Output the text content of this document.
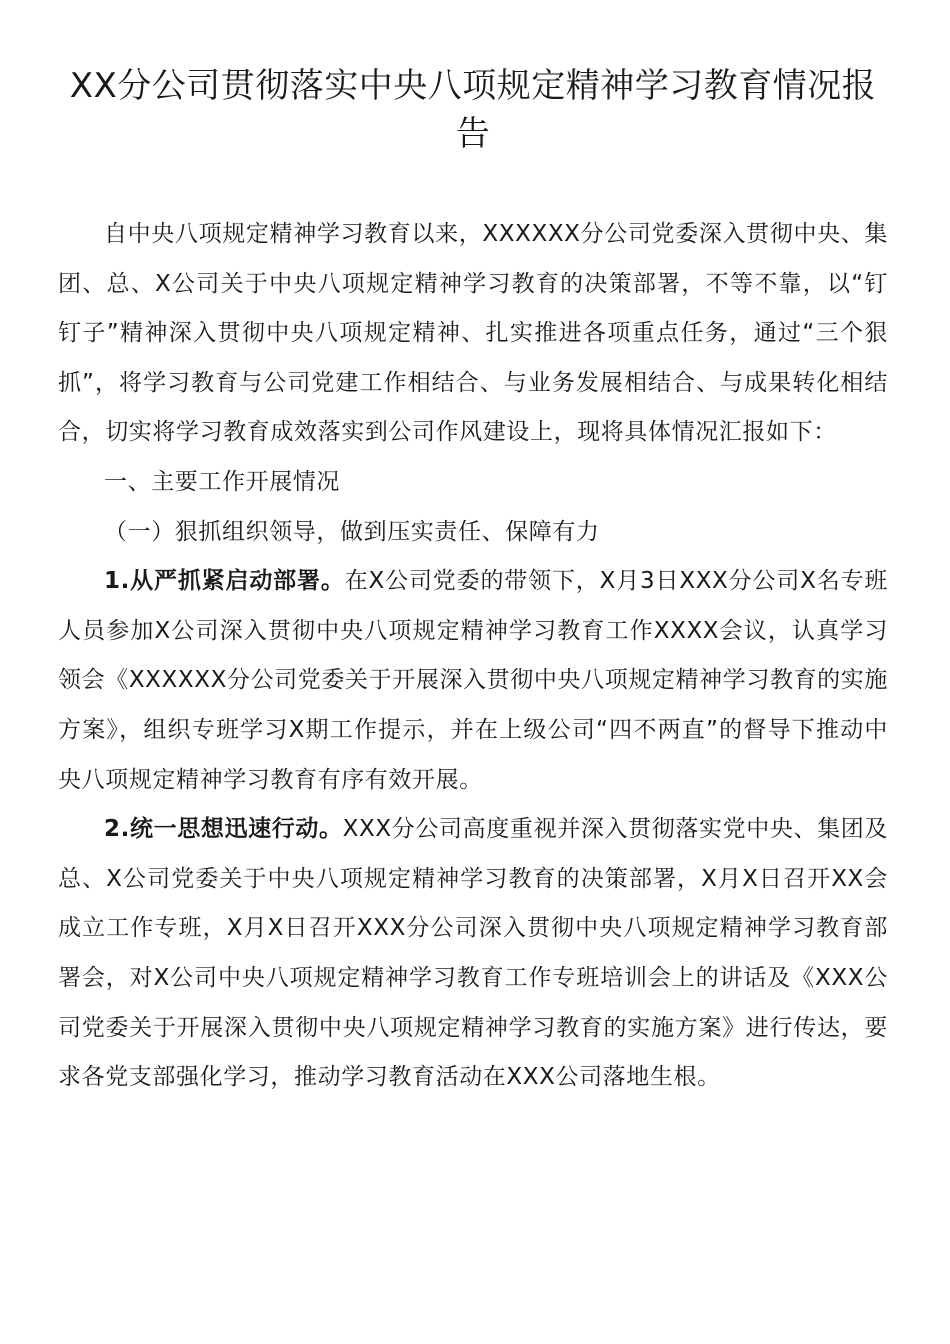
XX分公司贯彻落实中央八项规定精神学习教育情况报告

自中央八项规定精神学习教育以来，XXXXXX分公司党委深入贯彻中央、集团、总、X公司关于中央八项规定精神学习教育的决策部署，不等不靠，以“钉钉子”精神深入贯彻中央八项规定精神、扎实推进各项重点任务，通过“三个狠抓”，将学习教育与公司党建工作相结合、与业务发展相结合、与成果转化相结合，切实将学习教育成效落实到公司作风建设上，现将具体情况汇报如下：

一、主要工作开展情况

（一）狠抓组织领导，做到压实责任、保障有力

1.从严抓紧启动部署。在X公司党委的带领下，X月3日XXX分公司X名专班人员参加X公司深入贯彻中央八项规定精神学习教育工作XXXX会议，认真学习领会《XXXXXX分公司党委关于开展深入贯彻中央八项规定精神学习教育的实施方案》，组织专班学习X期工作提示，并在上级公司“四不两直”的督导下推动中央八项规定精神学习教育有序有效开展。

2.统一思想迅速行动。XXX分公司高度重视并深入贯彻落实党中央、集团及总、X公司党委关于中央八项规定精神学习教育的决策部署，X月X日召开XX会成立工作专班，X月X日召开XXX分公司深入贯彻中央八项规定精神学习教育部署会，对X公司中央八项规定精神学习教育工作专班培训会上的讲话及《XXX公司党委关于开展深入贯彻中央八项规定精神学习教育的实施方案》进行传达，要求各党支部强化学习，推动学习教育活动在XXX公司落地生根。
